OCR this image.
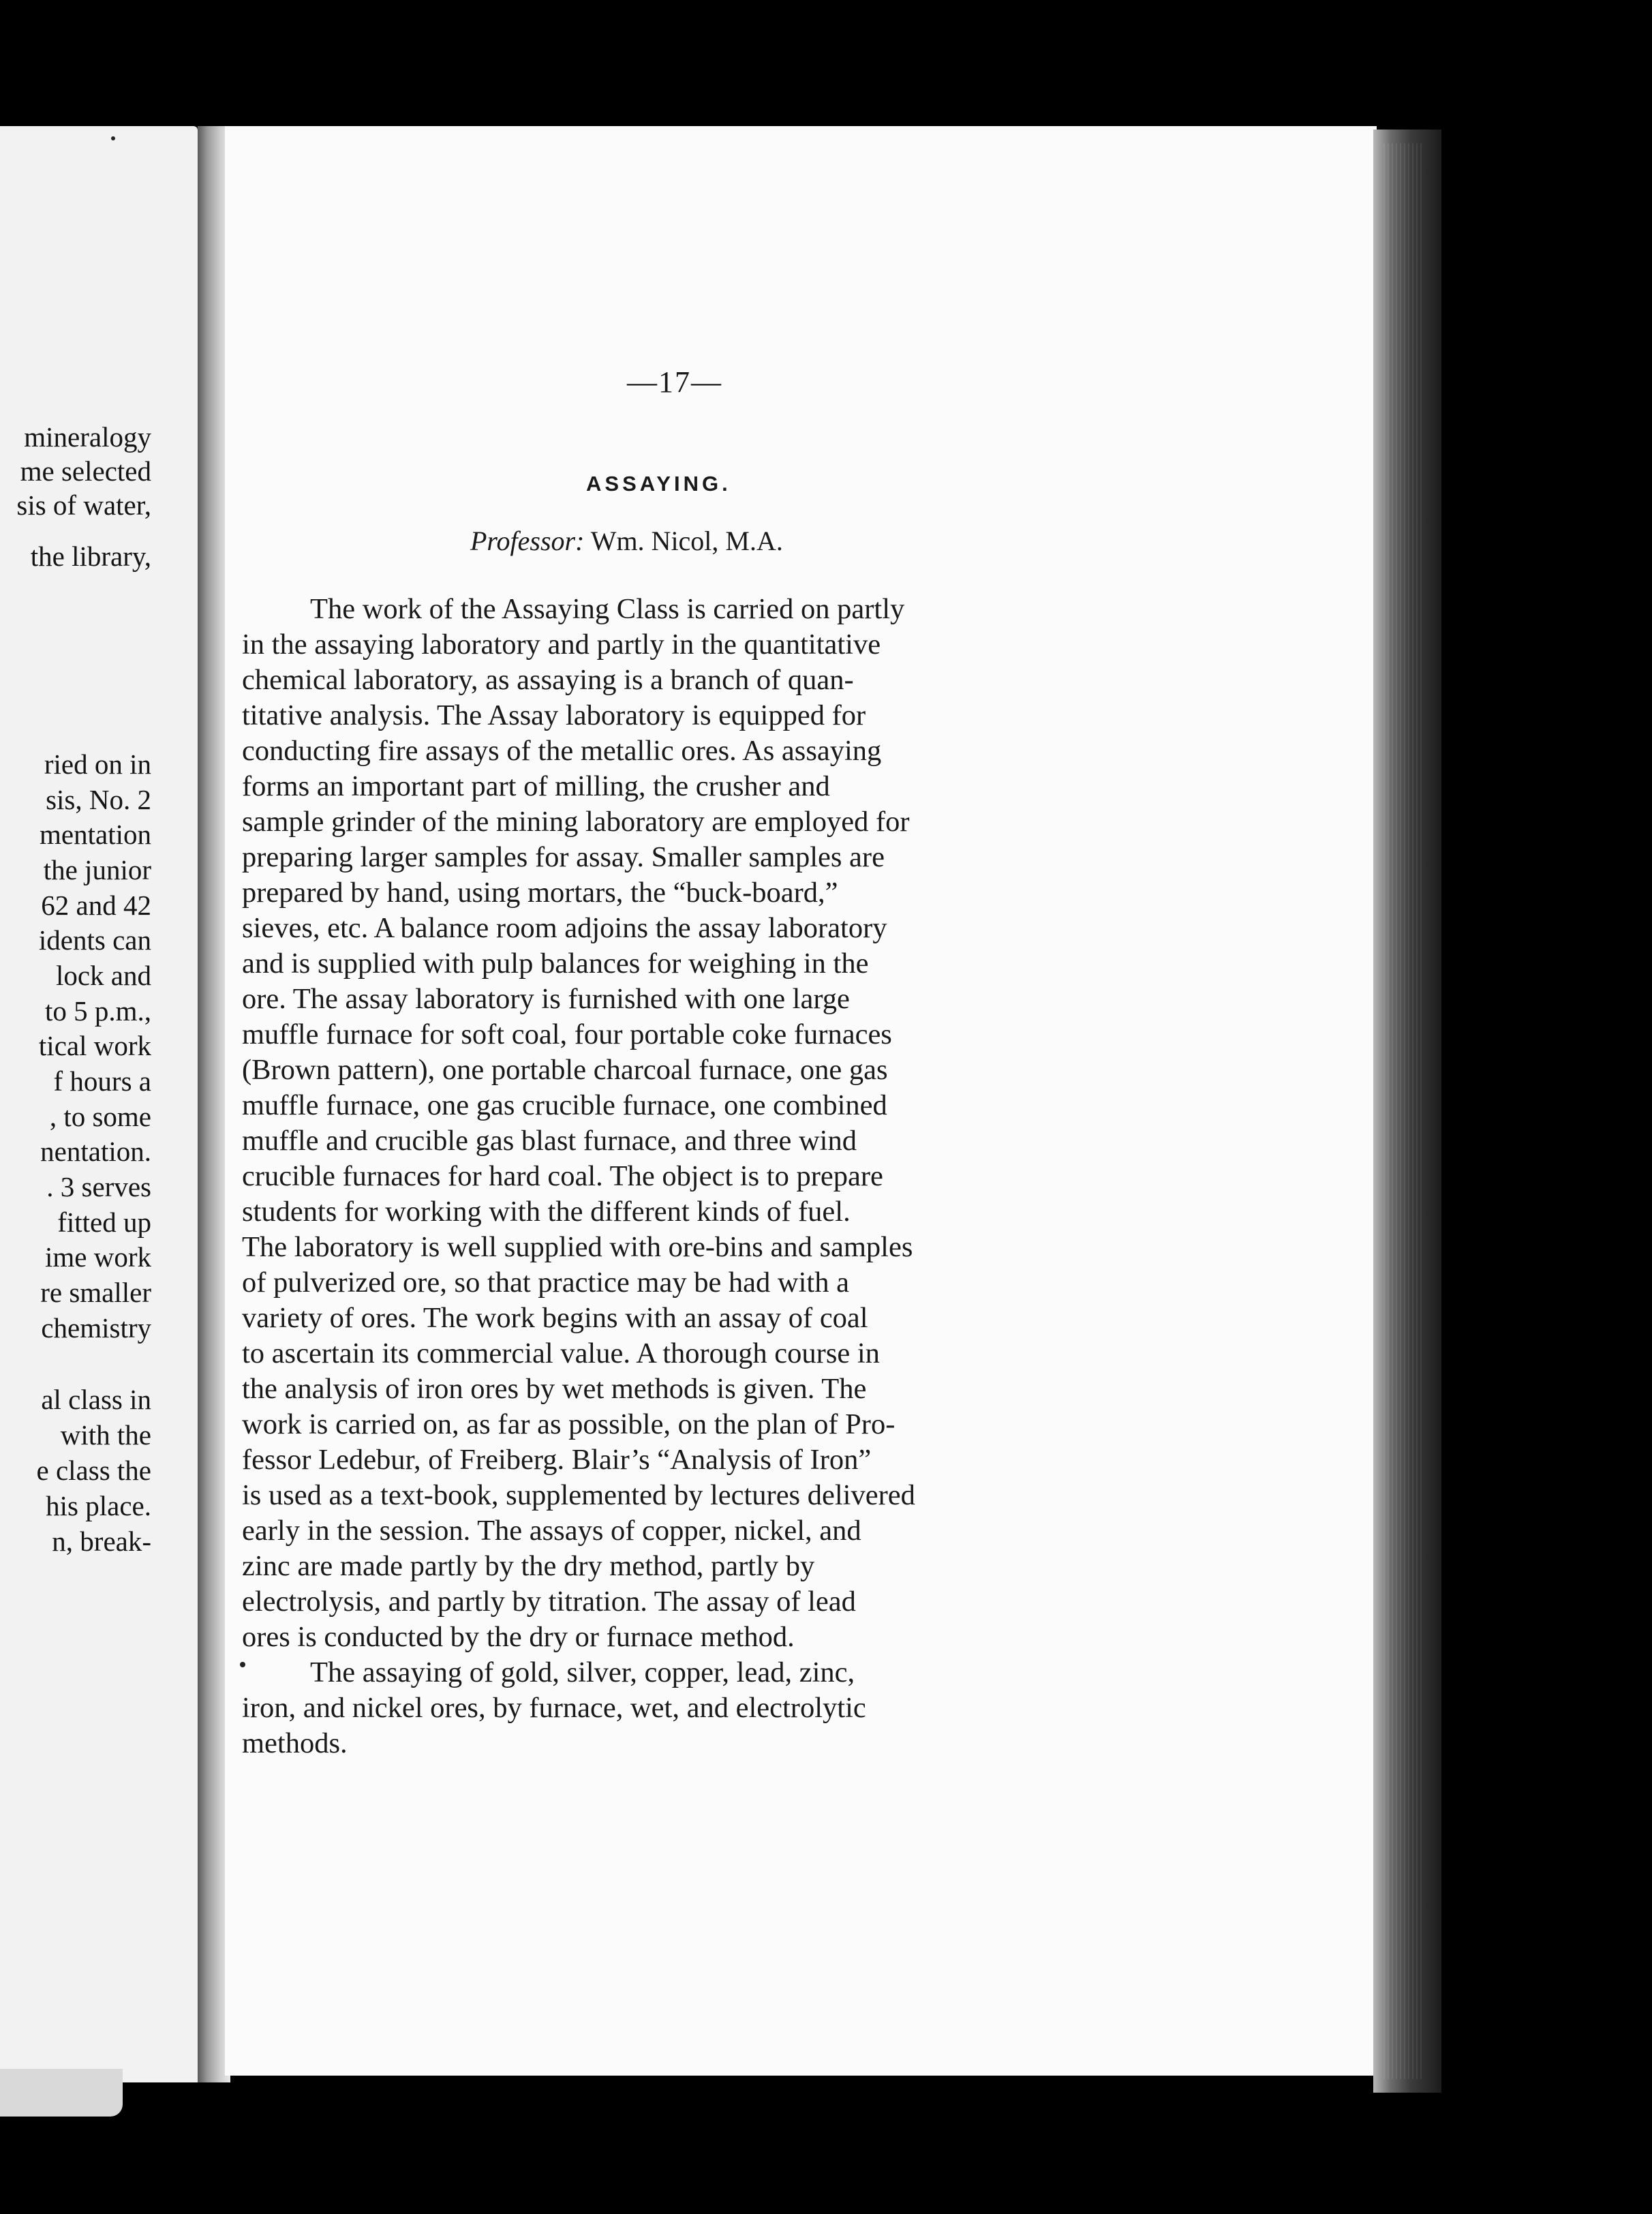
mineralogy
me selected
sis of water,
the library,
ried on in
sis, No. 2
mentation
the junior
62 and 42
idents can
lock and
to 5 p.m.,
tical work
f hours a
, to some
nentation.
. 3 serves
fitted up
ime work
re smaller
chemistry
al class in
with the
e class the
his place.
n, break-
—17—
ASSAYING.
Professor: Wm. Nicol, M.A.
The work of the Assaying Class is carried on partly
in the assaying laboratory and partly in the quantitative
chemical laboratory, as assaying is a branch of quan-
titative analysis. The Assay laboratory is equipped for
conducting fire assays of the metallic ores. As assaying
forms an important part of milling, the crusher and
sample grinder of the mining laboratory are employed for
preparing larger samples for assay. Smaller samples are
prepared by hand, using mortars, the “buck-board,”
sieves, etc. A balance room adjoins the assay laboratory
and is supplied with pulp balances for weighing in the
ore. The assay laboratory is furnished with one large
muffle furnace for soft coal, four portable coke furnaces
(Brown pattern), one portable charcoal furnace, one gas
muffle furnace, one gas crucible furnace, one combined
muffle and crucible gas blast furnace, and three wind
crucible furnaces for hard coal. The object is to prepare
students for working with the different kinds of fuel.
The laboratory is well supplied with ore-bins and samples
of pulverized ore, so that practice may be had with a
variety of ores. The work begins with an assay of coal
to ascertain its commercial value. A thorough course in
the analysis of iron ores by wet methods is given. The
work is carried on, as far as possible, on the plan of Pro-
fessor Ledebur, of Freiberg. Blair’s “Analysis of Iron”
is used as a text-book, supplemented by lectures delivered
early in the session. The assays of copper, nickel, and
zinc are made partly by the dry method, partly by
electrolysis, and partly by titration. The assay of lead
ores is conducted by the dry or furnace method.
The assaying of gold, silver, copper, lead, zinc,
iron, and nickel ores, by furnace, wet, and electrolytic
methods.
